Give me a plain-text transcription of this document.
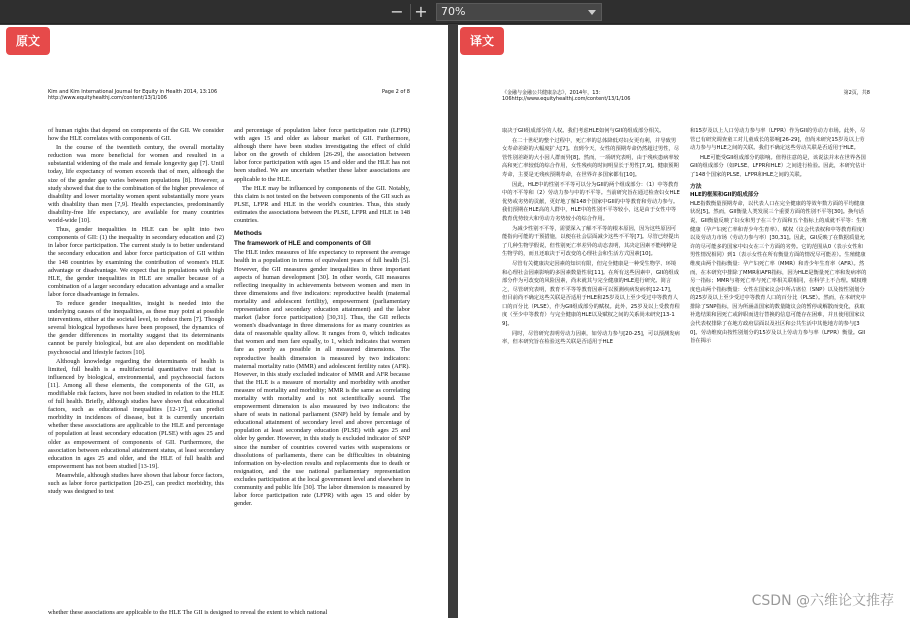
− +	70%
原文
Kim and Kim International Journal for Equity in Health 2014, 13:106
http://www.equityhealthj.com/content/13/1/106
Page 2 of 8

of human rights that depend on components of the GII. We consider how the HLE correlates with components of GII.

In the course of the twentieth century, the overall mortality reduction was more beneficial for women and resulted in a substantial widening of the male and female longevity gap [7]. Until today, life expectancy of women exceeds that of men, although the size of the gender gap varies between populations [8]. However, a study showed that due to the combination of the higher prevalence of disability and lower mortality women spent substantially more years with disability than men [7,9]. Health expectancies, predominantly disability-free life expectancy, are available for many countries world-wide [10].

Thus, gender inequalities in HLE can be split into two components of GII: (1) the inequality in secondary education and (2) in labor force participation. The current study is to better understand the secondary education and labor force participation of GII within the 148 countries by examining the contribution of women's HLE advantage or disadvantage. We expect that in populations with high HLE, the gender inequalities in HLE are smaller because of a combination of a larger secondary education advantage and a smaller labor force disadvantage in females.

To reduce gender inequalities, insight is needed into the underlying causes of the inequalities, as these may point at possible interventions, either at the societal level, to reduce them [7]. Though several biological hypotheses have been proposed, the dynamics of the gender differences in mortality suggest that its determinants cannot be purely biological, but are also dependent on modifiable psychosocial and lifestyle factors [10].

Although knowledge regarding the determinants of health is limited, full health is a multifactorial quantitative trait that is influenced by biological, environmental, and psychosocial factors [11]. Among all these elements, the components of the GII, as modifiable risk factors, have not been studied in relation to the HLE of full health. Briefly, although studies have shown that educational factors, such as educational inequalities [12-17], can predict morbidity in incidences of disease, but it is currently uncertain whether these associations are applicable to the HLE and percentage of population at least secondary education (PLSE) with ages 25 and older as empowerment of components of GII. Furthermore, the association between educational attainment status, at least secondary education in ages 25 and older, and the HLE of full health and empowerment has not been studied [13-19].

Meanwhile, although studies have shown that labour force factors, such as labor force participation [20-25], can predict morbidity, this study was designed to test

and percentage of population labor force participation rate (LFPR) with ages 15 and older as labour market of GII. Furthermore, although there have been studies investigating the effect of child labor on the growth of children [26-29], the association between labor force participation with ages 15 and older and the HLE has not been studied. We are uncertain whether these labor associations are applicable to the HLE.

The HLE may be influenced by components of the GII. Notably, this claim is not tested on the between components of the GII such as PLSE, LFPR and HLE in the world's countries. Thus, this study estimates the associations between the PLSE, LFPR and HLE in 148 countries.

Methods
The framework of HLE and components of GII

The HLE index measures of life expectancy to represent the average health in a population in terms of equivalent years of full health [5]. However, the GII measures gender inequalities in three important aspects of human development [30]. In other words, GII measures reflecting inequality in achievements between women and men in three dimensions and five indicators: reproductive health (maternal mortality and adolescent fertility), empowerment (parliamentary representation and secondary education attainment) and the labor market (labor force participation) [30,31]. Thus, the GII reflects women's disadvantage in three dimensions for as many countries as data of reasonable quality allow. It ranges from 0, which indicates that women and men fare equally, to 1, which indicates that women fare as poorly as possible in all measured dimensions. The reproductive health dimension is measured by two indicators: maternal mortality ratio (MMR) and adolescent fertility rates (AFR). However, in this study excluded indicator of MMR and AFR because that the HLE is a measure of mortality and morbidity with another measure of mortality and morbidity; MMR is the same as correlating mortality with mortality and is not scientifically sound. The empowerment dimension is also measured by two indicators: the share of seats in national parliament (SNP) held by female and by educational attainment of secondary level and above percentage of population at least secondary education (PLSE) with ages 25 and older by gender. However, in this study is excluded indicator of SNP since the number of countries covered varies with suspensions or dissolutions of parliaments, there can be difficulties in obtaining information on by-election results and replacements due to death or resignation, and the use national parliamentary representation excludes participation at the local government level and elsewhere in community and public life [30]. The labor dimension is measured by labor force participation rate (LFPR) with ages 15 and older by gender.

whether these associations are applicable to the HLE The GII is designed to reveal the extent to which national
译文
《金融与金融公共健康杂志》，2014年，13：
106http://www.equityhealthj.com/content/13/1/106
第2页，共8

取决于GII组成部分的人权。我们考虑HLE如何与GII的组成部分相关。

在二十世纪的整个过程中，死亡率的总体降低对妇女更有利，并导致男女寿命差距的大幅度扩大[7]。直到今天，女性的预期寿命仍然超过男性，尽管性别差距的大小因人群而异[8]。然而，一项研究表明，由于残疾患病率较高和死亡率较低的综合作用，女性残疾的时间明显长于男性[7,9]。健康预期寿命，主要是无残疾预期寿命，在世界许多国家都有[10]。

因此，HLE中的性别不平等可以分为GII的两个组成部分：（1）中等教育中的不平等和（2）劳动力参与中的不平等。当前研究旨在通过检查妇女HLE优势或劣势的贡献，更好地了解148个国家中GII的中等教育和劳动力参与。我们预期在HLE高的人群中，HLE中的性别不平等较小，这是由于女性中等教育优势较大和劳动力劣势较小的综合作用。

为减少性别不平等，需要深入了解不平等的根本原因，因为这些原因可能指向可能的干预措施，以便在社会层面减少这些不平等[7]。尽管已经提出了几种生物学假说，但性别死亡率差异的动态表明，其决定因素不能纯粹是生物学的，而且还取决于可改变的心理社会和生活方式因素[10]。

尽管有关健康决定因素的知识有限，但完全健康是一种受生物学、环境和心理社会因素影响的多因素数量性状[11]。在所有这些因素中，GII的组成部分作为可改变的风险因素，尚未就其与完全健康的HLE进行研究。简言之，尽管研究表明，教育不平等等教育因素可以预测疾病发病率[12-17]，但目前尚不确定这些关联是否适用于HLE和25岁及以上至少受过中等教育人口的百分比（PLSE），作为GII组成部分的赋权。此外，25岁及以上受教育程度（至少中等教育）与完全健康的HLE以及赋权之间的关系尚未研究[13-19]。

同时，尽管研究表明劳动力因素，如劳动力参与[20-25]，可以预测发病率，但本研究旨在检验这些关联是否适用于HLE

和15岁及以上人口劳动力参与率（LFPR）作为GII的劳动力市场。此外，尽管已有研究调查童工对儿童成长的影响[26-29]，但尚未研究15岁及以上劳动力参与与HLE之间的关联。我们不确定这些劳动关联是否适用于HLE。

HLE可能受GII组成部分的影响。值得注意的是，该说法并未在世界各国GII的组成部分（如PLSE、LFPR和HLE）之间进行检验。因此，本研究估计了148个国家的PLSE、LFPR和HLE之间的关联。

方法
HLE的框架和GII的组成部分

HLE指数衡量预期寿命，以代表人口在完全健康的等效年数方面的平均健康状况[5]。然而，GII衡量人类发展三个重要方面的性别不平等[30]。换句话说，GII衡量反映了妇女和男子在三个方面和五个指标上的成就不平等：生殖健康（孕产妇死亡率和青少年生育率）、赋权（议会代表权和中等教育程度）以及劳动力市场（劳动力参与率）[30,31]。因此，GII反映了在数据质量允许的尽可能多的国家中妇女在三个方面的劣势。它的范围从0（表示女性和男性情况相同）到1（表示女性在所有衡量方面的情况尽可能差）。生殖健康维度由两个指标衡量：孕产妇死亡率（MMR）和青少年生育率（AFR）。然而，在本研究中排除了MMR和AFR指标，因为HLE是衡量死亡率和发病率的另一指标；MMR与将死亡率与死亡率相关联相同，在科学上不合理。赋权维度也由两个指标衡量：女性在国家议会中所占席位（SNP）以及按性别划分的25岁及以上至少受过中等教育人口的百分比（PLSE）。然而，在本研究中排除了SNP指标，因为所涵盖国家的数量随议会的暂停或解散而变化，获取补选结果和因死亡或辞职而进行替换的信息可能存在困难，并且使用国家议会代表权排除了在地方政府层面以及社区和公共生活中其他地方的参与[30]。劳动维度由按性别划分的15岁及以上劳动力参与率（LFPR）衡量。GII旨在揭示

CSDN @六维论文推荐
